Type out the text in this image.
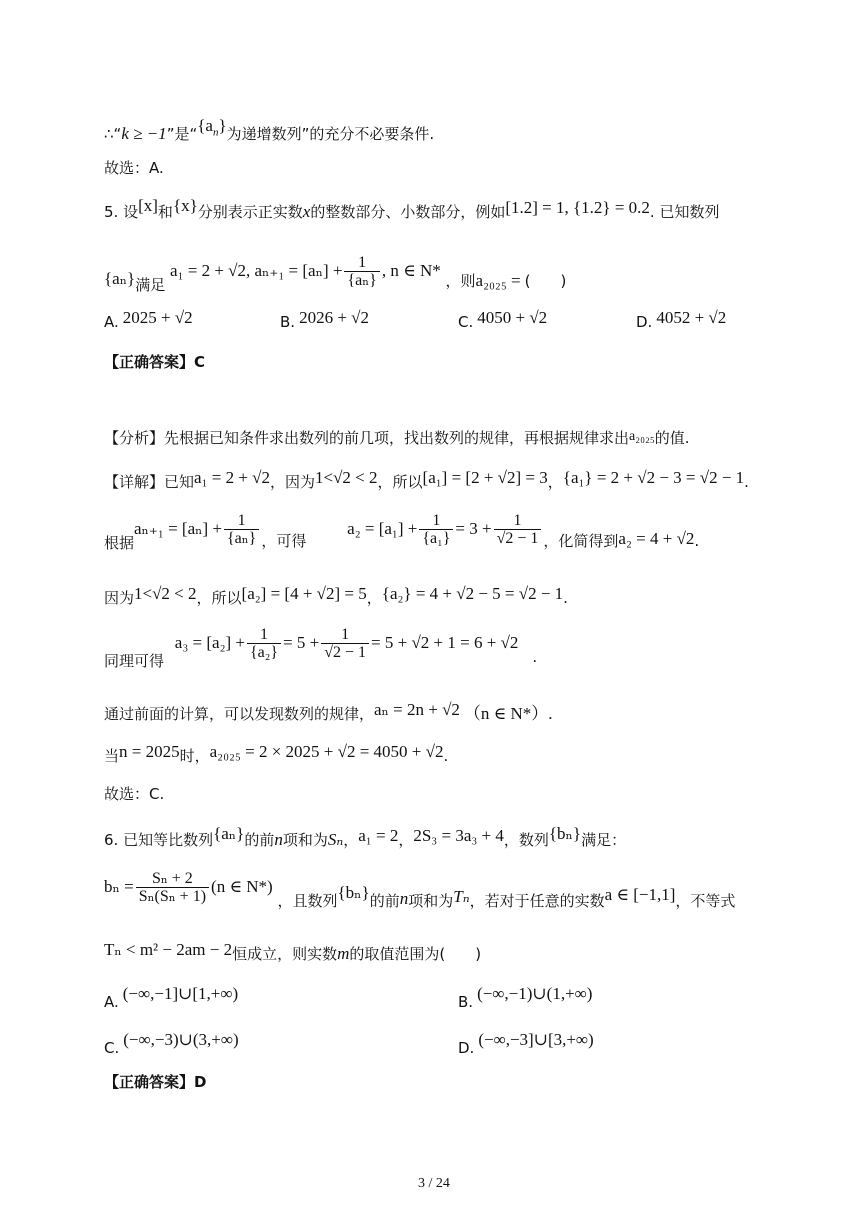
∴“k ≥ −1”是“$\{a_n\}$为递增数列”的充分不必要条件.
故选：A.
5. 设[x]和{x}分别表示正实数x的整数部分、小数部分，例如[1.2] = 1, {1.2} = 0.2. 已知数列
{aₙ}满足 a₁ = 2 + √2, $a_{n+1} = [a_n] + \frac{1}{\text{\{aₙ\}}}$ , n ∈ N* ，则a₂₀₂₅ = (　　)
A. 2025 + √2	B. 2026 + √2	C. 4050 + √2	D. 4052 + √2
【正确答案】C
【分析】先根据已知条件求出数列的前几项，找出数列的规律，再根据规律求出a₂₀₂₅的值.
【详解】已知a₁ = 2 + √2，因为1<√2 < 2，所以[a₁] = [2 + √2] = 3，{a₁} = 2 + √2 − 3 = √2 − 1.
根据$a_{n+1} = [a_n] + \frac{1}{\text{\{aₙ\}}}$ ，可得 $a_2 = [a_1] + \frac{1}{\text{\{a₁\}}} = 3 + \frac{1}{√2 - 1}$ ，化简得到a₂ = 4 + √2.
因为1<√2 < 2，所以[a₂] = [4 + √2] = 5，{a₂} = 4 + √2 − 5 = √2 − 1.
同理可得 $a_3 = [a_2] + \frac{1}{\text{\{a₂\}}} = 5 + \frac{1}{√2 - 1} = 5 + √2 + 1 = 6 + √2$.
通过前面的计算，可以发现数列的规律，aₙ = 2n + √2 （n ∈ N*）.
当n = 2025时，a₂₀₂₅ = 2 × 2025 + √2 = 4050 + √2.
故选：C.
6. 已知等比数列{aₙ}的前n项和为Sₙ，a₁ = 2，2S₃ = 3a₃ + 4，数列{bₙ}满足：
$b_n = \frac{\text{Sₙ + 2}}{\text{Sₙ(Sₙ + 1)}} (n$ ∈ N*) ，且数列{bₙ}的前n项和为Tₙ，若对于任意的实数a ∈ [−1,1]，不等式
Tₙ < m² − 2am − 2恒成立，则实数m的取值范围为(　　)
A. (−∞,−1]∪[1,+∞)	B. (−∞,−1)∪(1,+∞)
C. (−∞,−3)∪(3,+∞)	D. (−∞,−3]∪[3,+∞)
【正确答案】D
3 / 24
